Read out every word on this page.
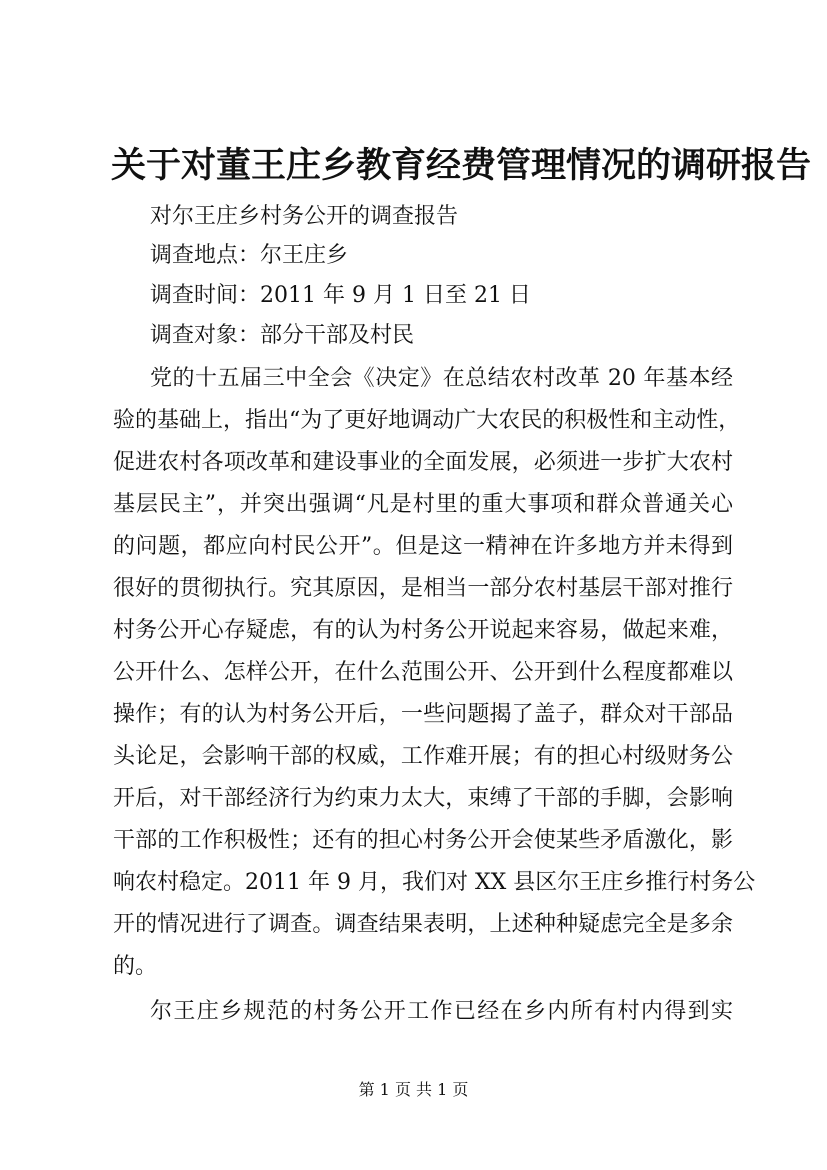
关于对董王庄乡教育经费管理情况的调研报告
对尔王庄乡村务公开的调查报告
调查地点：尔王庄乡
调查时间：2011 年 9 月 1 日至 21 日
调查对象：部分干部及村民
党的十五届三中全会《决定》在总结农村改革 20 年基本经
验的基础上，指出“为了更好地调动广大农民的积极性和主动性，
促进农村各项改革和建设事业的全面发展，必须进一步扩大农村
基层民主”，并突出强调“凡是村里的重大事项和群众普通关心
的问题，都应向村民公开”。但是这一精神在许多地方并未得到
很好的贯彻执行。究其原因，是相当一部分农村基层干部对推行
村务公开心存疑虑，有的认为村务公开说起来容易，做起来难，
公开什么、怎样公开，在什么范围公开、公开到什么程度都难以
操作；有的认为村务公开后，一些问题揭了盖子，群众对干部品
头论足，会影响干部的权威，工作难开展；有的担心村级财务公
开后，对干部经济行为约束力太大，束缚了干部的手脚，会影响
干部的工作积极性；还有的担心村务公开会使某些矛盾激化，影
响农村稳定。2011 年 9 月，我们对 XX 县区尔王庄乡推行村务公
开的情况进行了调查。调查结果表明，上述种种疑虑完全是多余
的。
尔王庄乡规范的村务公开工作已经在乡内所有村内得到实
第 1 页 共 1 页
